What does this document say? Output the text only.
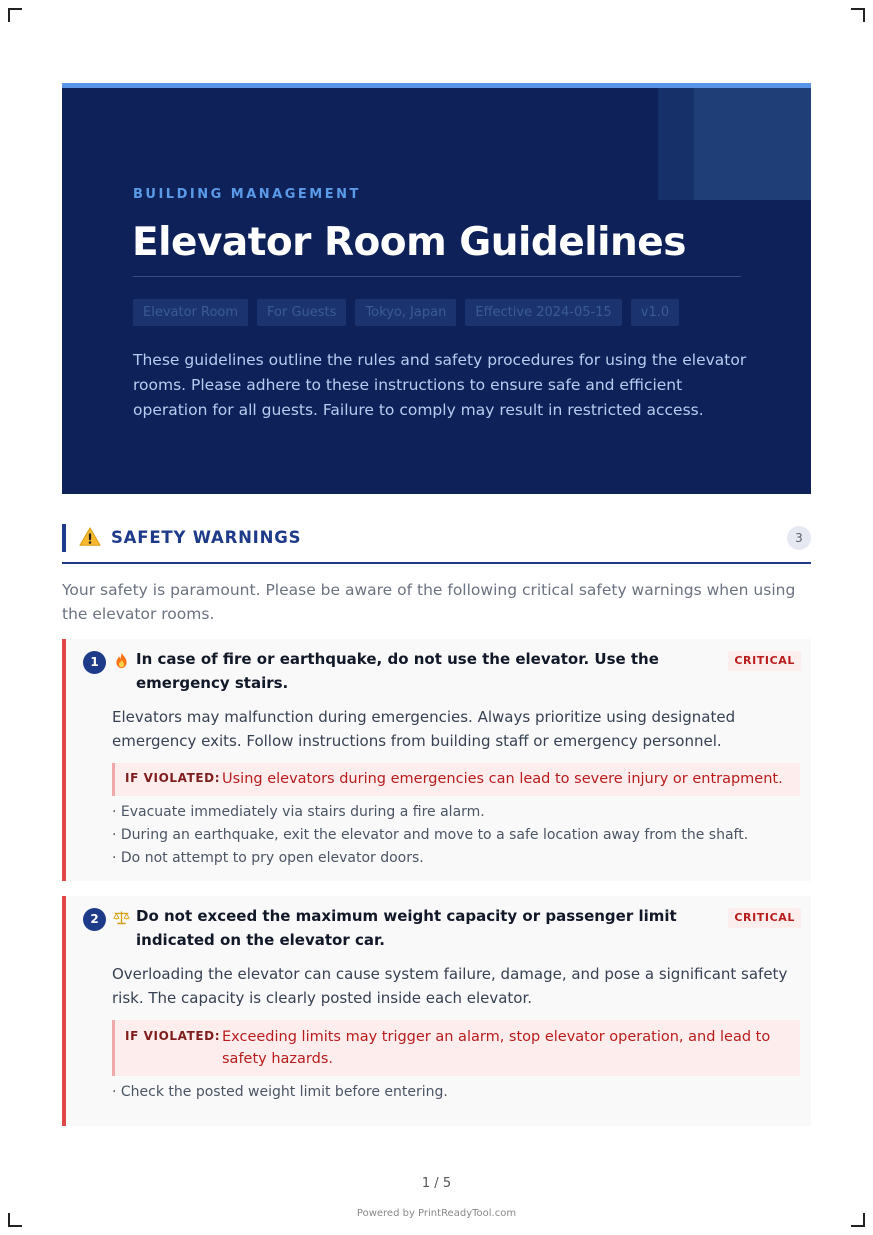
BUILDING MANAGEMENT
Elevator Room Guidelines
Elevator Room	For Guests	Tokyo, Japan	Effective 2024-05-15	v1.0

These guidelines outline the rules and safety procedures for using the elevator rooms. Please adhere to these instructions to ensure safe and efficient operation for all guests. Failure to comply may result in restricted access.

SAFETY WARNINGS	3

Your safety is paramount. Please be aware of the following critical safety warnings when using the elevator rooms.

1	In case of fire or earthquake, do not use the elevator. Use the emergency stairs.
CRITICAL

Elevators may malfunction during emergencies. Always prioritize using designated emergency exits. Follow instructions from building staff or emergency personnel.

IF VIOLATED: Using elevators during emergencies can lead to severe injury or entrapment.
· Evacuate immediately via stairs during a fire alarm.
· During an earthquake, exit the elevator and move to a safe location away from the shaft.
· Do not attempt to pry open elevator doors.
2	Do not exceed the maximum weight capacity or passenger limit indicated on the elevator car.
CRITICAL

Overloading the elevator can cause system failure, damage, and pose a significant safety risk. The capacity is clearly posted inside each elevator.

IF VIOLATED: Exceeding limits may trigger an alarm, stop elevator operation, and lead to safety hazards.
· Check the posted weight limit before entering.
1 / 5
Powered by PrintReadyTool.com
